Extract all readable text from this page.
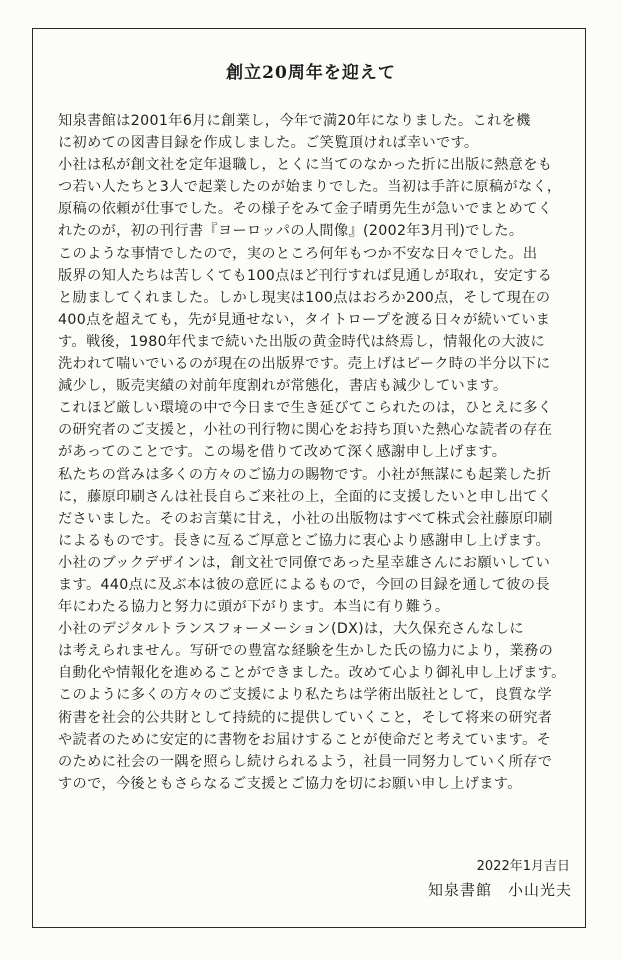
創立20周年を迎えて
知泉書館は2001年6月に創業し，今年で満20年になりました。これを機
に初めての図書目録を作成しました。ご笑覧頂ければ幸いです。
小社は私が創文社を定年退職し，とくに当てのなかった折に出版に熱意をも
つ若い人たちと3人で起業したのが始まりでした。当初は手許に原稿がなく，
原稿の依頼が仕事でした。その様子をみて金子晴勇先生が急いでまとめてく
れたのが，初の刊行書『ヨーロッパの人間像』(2002年3月刊)でした。
このような事情でしたので，実のところ何年もつか不安な日々でした。出
版界の知人たちは苦しくても100点ほど刊行すれば見通しが取れ，安定する
と励ましてくれました。しかし現実は100点はおろか200点，そして現在の
400点を超えても，先が見通せない，タイトロープを渡る日々が続いていま
す。戦後，1980年代まで続いた出版の黄金時代は終焉し，情報化の大波に
洗われて喘いでいるのが現在の出版界です。売上げはピーク時の半分以下に
減少し，販売実績の対前年度割れが常態化，書店も減少しています。
これほど厳しい環境の中で今日まで生き延びてこられたのは，ひとえに多く
の研究者のご支援と，小社の刊行物に関心をお持ち頂いた熱心な読者の存在
があってのことです。この場を借りて改めて深く感謝申し上げます。
私たちの営みは多くの方々のご協力の賜物です。小社が無謀にも起業した折
に，藤原印刷さんは社長自らご来社の上，全面的に支援したいと申し出てく
ださいました。そのお言葉に甘え，小社の出版物はすべて株式会社藤原印刷
によるものです。長きに亙るご厚意とご協力に衷心より感謝申し上げます。
小社のブックデザインは，創文社で同僚であった星幸雄さんにお願いしてい
ます。440点に及ぶ本は彼の意匠によるもので，今回の目録を通して彼の長
年にわたる協力と努力に頭が下がります。本当に有り難う。
小社のデジタルトランスフォーメーション(DX)は，大久保充さんなしに
は考えられません。写研での豊富な経験を生かした氏の協力により，業務の
自動化や情報化を進めることができました。改めて心より御礼申し上げます。
このように多くの方々のご支援により私たちは学術出版社として，良質な学
術書を社会的公共財として持続的に提供していくこと，そして将来の研究者
や読者のために安定的に書物をお届けすることが使命だと考えています。そ
のために社会の一隅を照らし続けられるよう，社員一同努力していく所存で
すので，今後ともさらなるご支援とご協力を切にお願い申し上げます。
2022年1月吉日
知泉書館　小山光夫
